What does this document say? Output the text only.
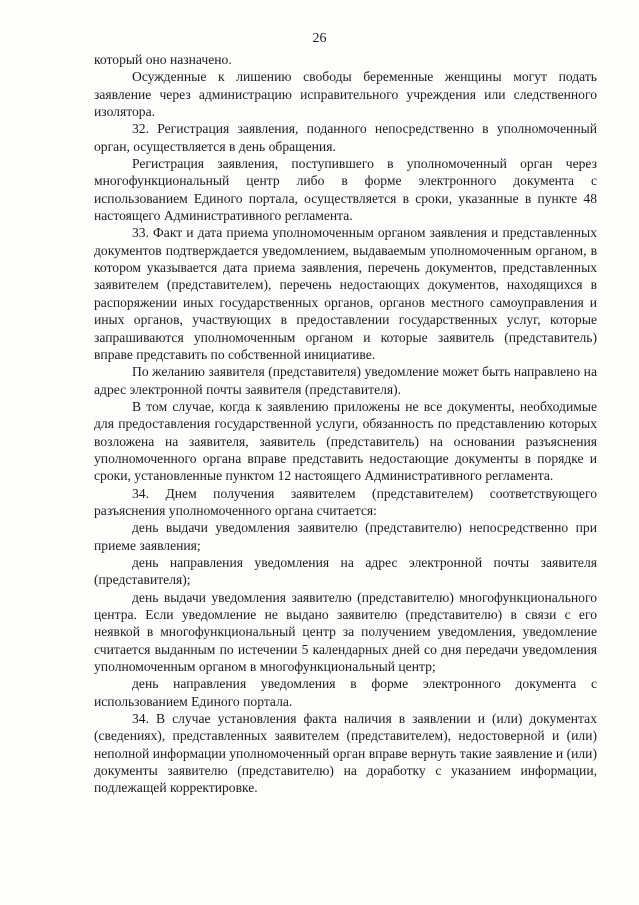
26

который оно назначено.

Осужденные к лишению свободы беременные женщины могут подать заявление через администрацию исправительного учреждения или следственного изолятора.

32. Регистрация заявления, поданного непосредственно в уполномоченный орган, осуществляется в день обращения.

Регистрация заявления, поступившего в уполномоченный орган через многофункциональный центр либо в форме электронного документа с использованием Единого портала, осуществляется в сроки, указанные в пункте 48 настоящего Административного регламента.

33. Факт и дата приема уполномоченным органом заявления и представленных документов подтверждается уведомлением, выдаваемым уполномоченным органом, в котором указывается дата приема заявления, перечень документов, представленных заявителем (представителем), перечень недостающих документов, находящихся в распоряжении иных государственных органов, органов местного самоуправления и иных органов, участвующих в предоставлении государственных услуг, которые запрашиваются уполномоченным органом и которые заявитель (представитель) вправе представить по собственной инициативе.

По желанию заявителя (представителя) уведомление может быть направлено на адрес электронной почты заявителя (представителя).

В том случае, когда к заявлению приложены не все документы, необходимые для предоставления государственной услуги, обязанность по представлению которых возложена на заявителя, заявитель (представитель) на основании разъяснения уполномоченного органа вправе представить недостающие документы в порядке и сроки, установленные пунктом 12 настоящего Административного регламента.

34. Днем получения заявителем (представителем) соответствующего разъяснения уполномоченного органа считается:

день выдачи уведомления заявителю (представителю) непосредственно при приеме заявления;

день направления уведомления на адрес электронной почты заявителя (представителя);

день выдачи уведомления заявителю (представителю) многофункционального центра. Если уведомление не выдано заявителю (представителю) в связи с его неявкой в многофункциональный центр за получением уведомления, уведомление считается выданным по истечении 5 календарных дней со дня передачи уведомления уполномоченным органом в многофункциональный центр;

день направления уведомления в форме электронного документа с использованием Единого портала.

34. В случае установления факта наличия в заявлении и (или) документах (сведениях), представленных заявителем (представителем), недостоверной и (или) неполной информации уполномоченный орган вправе вернуть такие заявление и (или) документы заявителю (представителю) на доработку с указанием информации, подлежащей корректировке.
